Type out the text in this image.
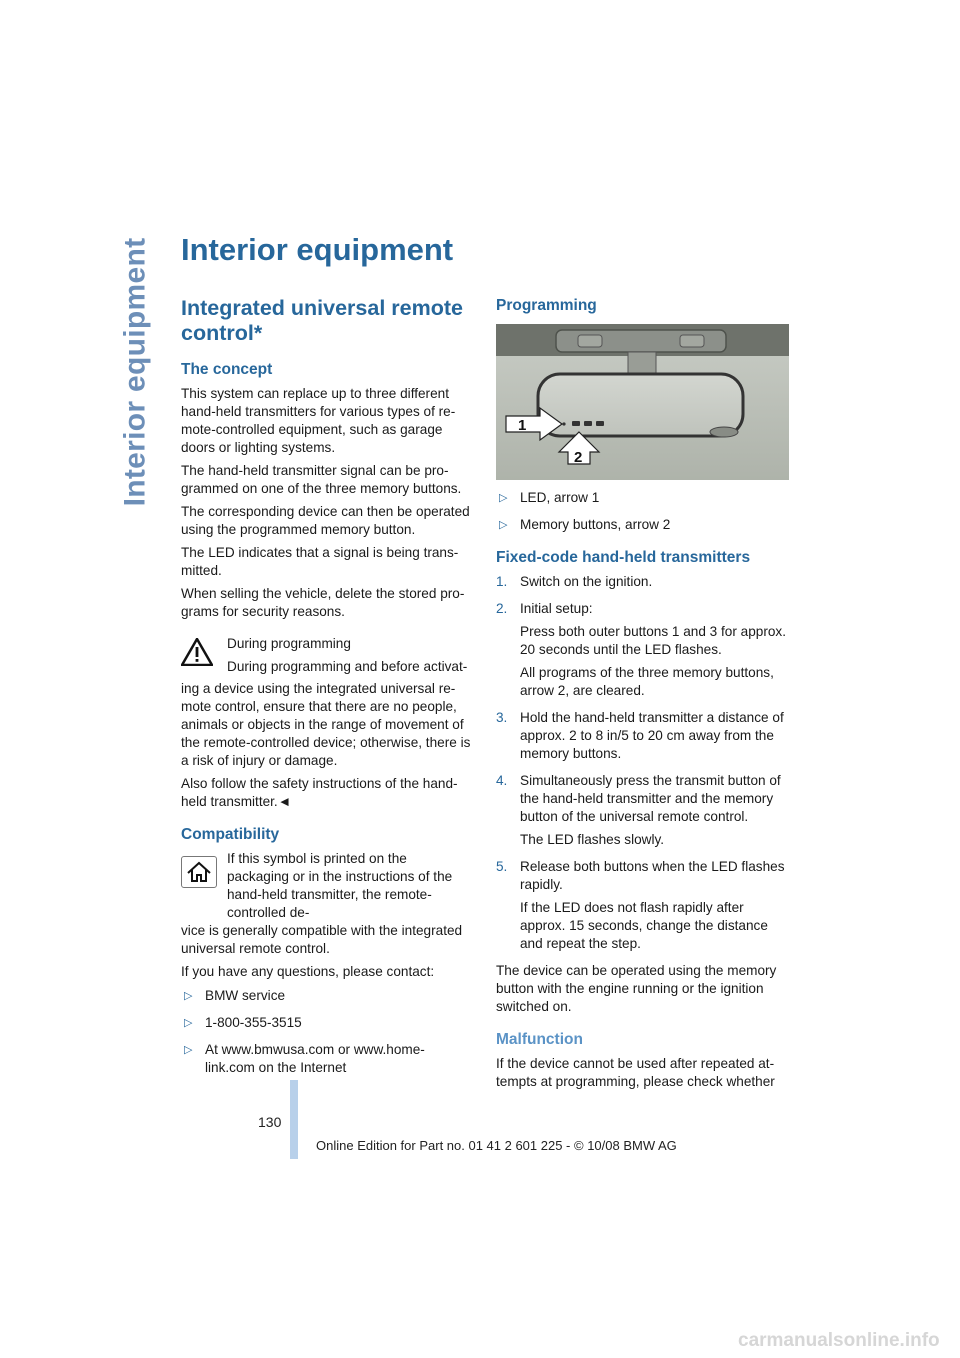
Interior equipment Interior equipment
Integrated universal remote control*
The concept

This system can replace up to three different hand-held transmitters for various types of re-mote-controlled equipment, such as garage doors or lighting systems.

The hand-held transmitter signal can be pro-grammed on one of the three memory buttons.

The corresponding device can then be operated using the programmed memory button.

The LED indicates that a signal is being trans-mitted.

When selling the vehicle, delete the stored pro-grams for security reasons.

During programming

During programming and before activat-

ing a device using the integrated universal re-mote control, ensure that there are no people, animals or objects in the range of movement of the remote-controlled device; otherwise, there is a risk of injury or damage.

Also follow the safety instructions of the hand-held transmitter.◄

Compatibility

If this symbol is printed on the packaging or in the instructions of the hand-held transmitter, the remote-controlled de-

vice is generally compatible with the integrated universal remote control.

If you have any questions, please contact:

▷ BMW service
▷ 1-800-355-3515
▷ At www.bmwusa.com or www.home-link.com on the Internet
Programming
1
2
▷ LED, arrow 1
▷ Memory buttons, arrow 2
Fixed-code hand-held transmitters
1. Switch on the ignition.

2. Initial setup:

Press both outer buttons 1 and 3 for approx. 20 seconds until the LED flashes.

All programs of the three memory buttons, arrow 2, are cleared.

3. Hold the hand-held transmitter a distance of approx. 2 to 8 in/5 to 20 cm away from the memory buttons.

4. Simultaneously press the transmit button of the hand-held transmitter and the memory button of the universal remote control.

The LED flashes slowly.

5. Release both buttons when the LED flashes rapidly.

If the LED does not flash rapidly after approx. 15 seconds, change the distance and repeat the step.

The device can be operated using the memory button with the engine running or the ignition switched on.

Malfunction

If the device cannot be used after repeated at-tempts at programming, please check whether

130
Online Edition for Part no. 01 41 2 601 225 - © 10/08 BMW AG
carmanualsonline.info
